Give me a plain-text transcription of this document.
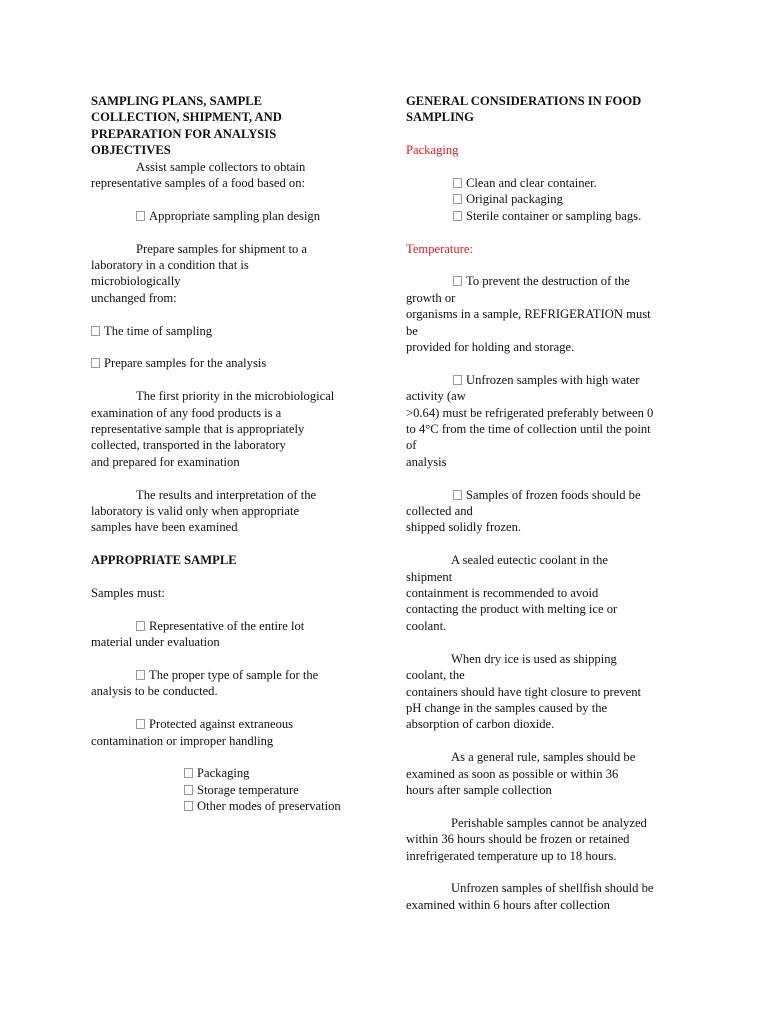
SAMPLING PLANS, SAMPLE

COLLECTION, SHIPMENT, AND

PREPARATION FOR ANALYSIS

OBJECTIVES

Assist sample collectors to obtain

representative samples of a food based on:

Appropriate sampling plan design

Prepare samples for shipment to a

laboratory in a condition that is

microbiologically

unchanged from:

The time of sampling

Prepare samples for the analysis

The first priority in the microbiological

examination of any food products is a

representative sample that is appropriately

collected, transported in the laboratory

and prepared for examination

The results and interpretation of the

laboratory is valid only when appropriate

samples have been examined

APPROPRIATE SAMPLE

Samples must:

Representative of the entire lot

material under evaluation

The proper type of sample for the

analysis to be conducted.

Protected against extraneous

contamination or improper handling

Packaging

Storage temperature

Other modes of preservation

GENERAL CONSIDERATIONS IN FOOD

SAMPLING

Packaging

Clean and clear container.

Original packaging

Sterile container or sampling bags.

Temperature:

To prevent the destruction of the

growth or

organisms in a sample, REFRIGERATION must

be

provided for holding and storage.

Unfrozen samples with high water

activity (aw

>0.64) must be refrigerated preferably between 0

to 4°C from the time of collection until the point

of

analysis

Samples of frozen foods should be

collected and

shipped solidly frozen.

A sealed eutectic coolant in the

shipment

containment is recommended to avoid

contacting the product with melting ice or

coolant.

When dry ice is used as shipping

coolant, the

containers should have tight closure to prevent

pH change in the samples caused by the

absorption of carbon dioxide.

As a general rule, samples should be

examined as soon as possible or within 36

hours after sample collection

Perishable samples cannot be analyzed

within 36 hours should be frozen or retained

inrefrigerated temperature up to 18 hours.

Unfrozen samples of shellfish should be

examined within 6 hours after collection
